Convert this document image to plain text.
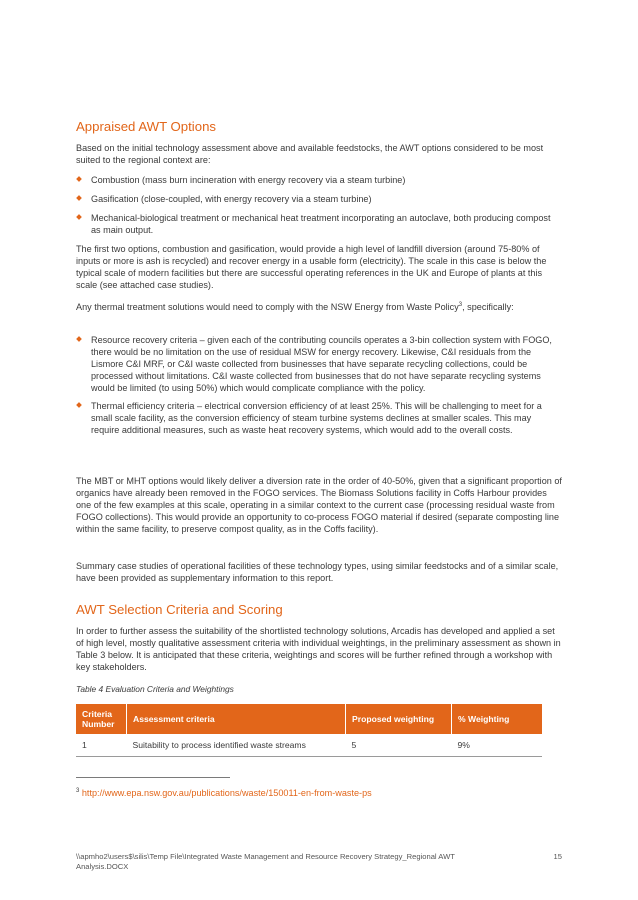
Appraised AWT Options

Based on the initial technology assessment above and available feedstocks, the AWT options considered to be most suited to the regional context are:

Combustion (mass burn incineration with energy recovery via a steam turbine)
Gasification (close-coupled, with energy recovery via a steam turbine)
Mechanical-biological treatment or mechanical heat treatment incorporating an autoclave, both producing compost as main output.

The first two options, combustion and gasification, would provide a high level of landfill diversion (around 75-80% of inputs or more is ash is recycled) and recover energy in a usable form (electricity). The scale in this case is below the typical scale of modern facilities but there are successful operating references in the UK and Europe of plants at this scale (see attached case studies).

Any thermal treatment solutions would need to comply with the NSW Energy from Waste Policy$^3$, specifically:

Resource recovery criteria – given each of the contributing councils operates a 3-bin collection system with FOGO, there would be no limitation on the use of residual MSW for energy recovery. Likewise, C&I residuals from the Lismore C&I MRF, or C&I waste collected from businesses that have separate recycling collections, could be processed without limitations. C&I waste collected from businesses that do not have separate recycling systems would be limited (to using 50%) which would complicate compliance with the policy.
Thermal efficiency criteria – electrical conversion efficiency of at least 25%. This will be challenging to meet for a small scale facility, as the conversion efficiency of steam turbine systems declines at smaller scales. This may require additional measures, such as waste heat recovery systems, which would add to the overall costs.

The MBT or MHT options would likely deliver a diversion rate in the order of 40-50%, given that a significant proportion of organics have already been removed in the FOGO services. The Biomass Solutions facility in Coffs Harbour provides one of the few examples at this scale, operating in a similar context to the current case (processing residual waste from FOGO collections). This would provide an opportunity to co-process FOGO material if desired (separate composting line within the same facility, to preserve compost quality, as in the Coffs facility).

Summary case studies of operational facilities of these technology types, using similar feedstocks and of a similar scale, have been provided as supplementary information to this report.

AWT Selection Criteria and Scoring

In order to further assess the suitability of the shortlisted technology solutions, Arcadis has developed and applied a set of high level, mostly qualitative assessment criteria with individual weightings, in the preliminary assessment as shown in Table 3 below. It is anticipated that these criteria, weightings and scores will be further refined through a workshop with key stakeholders.

Table 4 Evaluation Criteria and Weightings

Criteria Number	Assessment criteria	Proposed weighting	% Weighting
1	Suitability to process identified waste streams	5	9%
$^3$ http://www.epa.nsw.gov.au/publications/waste/150011-en-from-waste-ps
\\apmho2\users$\silis\Temp File\Integrated Waste Management and Resource Recovery Strategy_Regional AWT Analysis.DOCX
15
